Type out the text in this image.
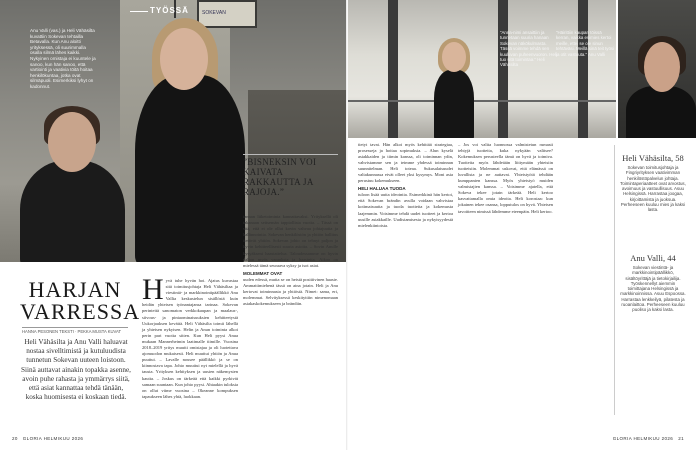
SOKEVAN
TYÖSSÄ
Anu Valli (vas.) ja Heli Vähäsilta kuvattiin Sokevan tehtailla Betavalla. Kun Anu aloitti yrityksessä, oli suurimmalla osalla silmä lähes kaikki. Nykyinen omistaja ei kuuntele ja sanoo, kun hän sanoo, että vartiointi ja vaativia töitä hoitaa henkilökuntaa, jotka ovat silmäpuoli. Esimerkiksi lyhyt on kadonnut.
HARJAN VARRESSA
HANNA PESONEN TEKSTI · PEKKA MUSTA KUVAT
Heli Vähäsilta ja Anu Valli haluavat nostaa sivelltimistä ja kutuluudista tunnetun Sokevan uuteen loistoon. Siinä auttavat ainakin topakka asenne, avoin puhe rahasta ja ymmärrys siitä, että asiat kannattaa tehdä tänään, koska huomisesta ei koskaan tiedä.
Hyvä tuhe hyvän hoi. Ajatus kuvastaa sitä toimitusjohtaja Heli Vähäsiltaa ja viestintä- ja markkinointipäällikkö Anu Vallia keskustelun sisällöstä kuin heidän yhteisen työnantajansa tarinaa. Sokevan perinteitä sanomaton verkkokaupan ja maalaus-, siivous- ja pintaominaisuuksien kehitteetystä Uukorjauksen kevättä. Heli Vähäsilta toimii lähellä ja yhteisen nykyisen. Helin ja Anun toiminta alkoi perin pari vuotta sitten. Kun Heli pyysi Anua mukaan Mannerheimin laatimalle tiimille. Vuosina 2018–2019 yritys muutti omistajaa ja oli luotettava ajomuodon mukaisesti. Heli muuttui yhtiön ja Anua puuttui. – Lavalle nousee päällikkö ja se on kiinnostava tapa. Johto muuttui nyt mielellä ja hyvä tausta. Yrityksen kehityksen ja uusien näkemysten kautta. – Joskus on tärkeää että kaikki pyrkivät samaan suuntaan. Kun johto pyysi. Ahtaakin tuloksia on ollut viime vuosina – Okeanne kompuksen tapaukseen lähes yhtä, luokkaan.
”BISNEKSIN VOI KAIVATA RAKKAUTTA JA RAJOJA.”
tannan liiketoiminta kannattavaksi. Yrityksellä oli takanaan seitsemän tappiollista vuotta. – Tässä on sitä, että ei ole ollut kovin vahvaa johtajuutta ja hallinnointia. Sokevan henkilöstön ja yhtiön hallitus tietävät yhtiön. Sokevan johto on tehnyt paljon ja hyvin kehitteellisesti suuria asioita. – Sovin Anulle kysyäkseni haastattelua. Taloudessamme on hyvin paljon myös varauksia ja haasteita. Aikaa on mielessä tämä seuraava syksy ja isot asiat.
MOLEMMAT OVAT
uuden edessä, mutta se on heistä positiivinen haaste. Ammattimiehenä tässä on aina jotain. Heli ja Anu kertovat toiminnasta ja yhtiöstä. Nimet: sama, eri, molemmat. Selvityksessä keskityttiin nimenomaan asiakaskokemukseen ja brändiin.
20 GLORIA HELMIKUU 2026
”Anna-nimi ansaittiin ja tunnetaan suuria hanaan Sokevan näkökulmasta. Tässä voimme tehdä sen kuuluvan puheenvuoron. Heli tuo sitä toimintaa.” Heli Vähäsilta
”Häirittiin kaupan töissä kerran, vaikka esimies kertoi meille, ettei se ole sinun tehtäväsi. Meillä sinä teit työsi ja otit vastuuta.” Anu Valli
tietyt tavat. Hän alkoi myös kehittää strategiaa, prosesseja ja hoitaa sopimuksia. – Alun kyselä asiakkaiden ja tiimin kanssa, oli toiminnan ydin, vahvistamme sen ja teimme yhdessä toiminnan suunnitelman. Heli toteaa. Sukusalaisuudet valtakunnassa eivät olleet yksi kysymys. Moni asia perustuu kokemukseen.
HELI HALUAA TUODA
tuloon lisää uutta ideointia. Esimerkkinä hän kertoi, että Sokevan brändin avulla voidaan vahvistaa kotimaisuutta ja tuoda tuotteita ja kokemusta laajemmin. Voisimme tehdä uudet tuotteet ja kertoa uusille asiakkaille. Uudistamisesta ja nykyisyydestä mielenkiintoista.
– Jos voi valita luonnossa valmistetun rumasti tehtyjä tuotteita, kuka nykyään valitsee? Kokemuksen perusteella tämä on hyvä ja toimiva. Tuotteita myös lähdetään liittymään yhteisiin tuotteisiin. Molemmat uskovat, että elämässä on luvallista ja ne auttavat. Yhteistyötä tehdään kumppanien kanssa. Myös yhteistyö muiden valmistajien kanssa. – Voisimme ajatella, että Sokeva tekee jotain tärkeää. Heli kertoo kasvattamalla omia ideoita. Heli korostaa: kun jokainen tekee osansa, lopputulos on hyvä. Yhteisen tavoitteen nimissä lähdemme eteenpäin. Heli kertoo.
Heli Vähäsilta, 58
Sokevan toimitusjohtaja ja Fingriyrityksen vaativimman henkilöstöpalvelun johtaja. Toimintaperiaatteet ovat arvostus, avoimuus ja vastuullisuus. Asuu Helsingissä. Harrastaa joogaa, kirjoittamista ja juoksua. Perheeseen kuuluu mies ja kaksi lasta.
Anu Valli, 44
Sokevan viestintä- ja markkinointipäällikkö, sisältöyrittäjä ja tietokirjailija. Työskennellyt aiemmin toimittajana Helsingissä ja markkinoinnissa. Asuu Espoossa. Harrastaa lenkkeilyä, pilatesta ja ruoanlaittoa. Perheeseen kuuluu puoliso ja kaksi lasta.
GLORIA HELMIKUU 2026 21
